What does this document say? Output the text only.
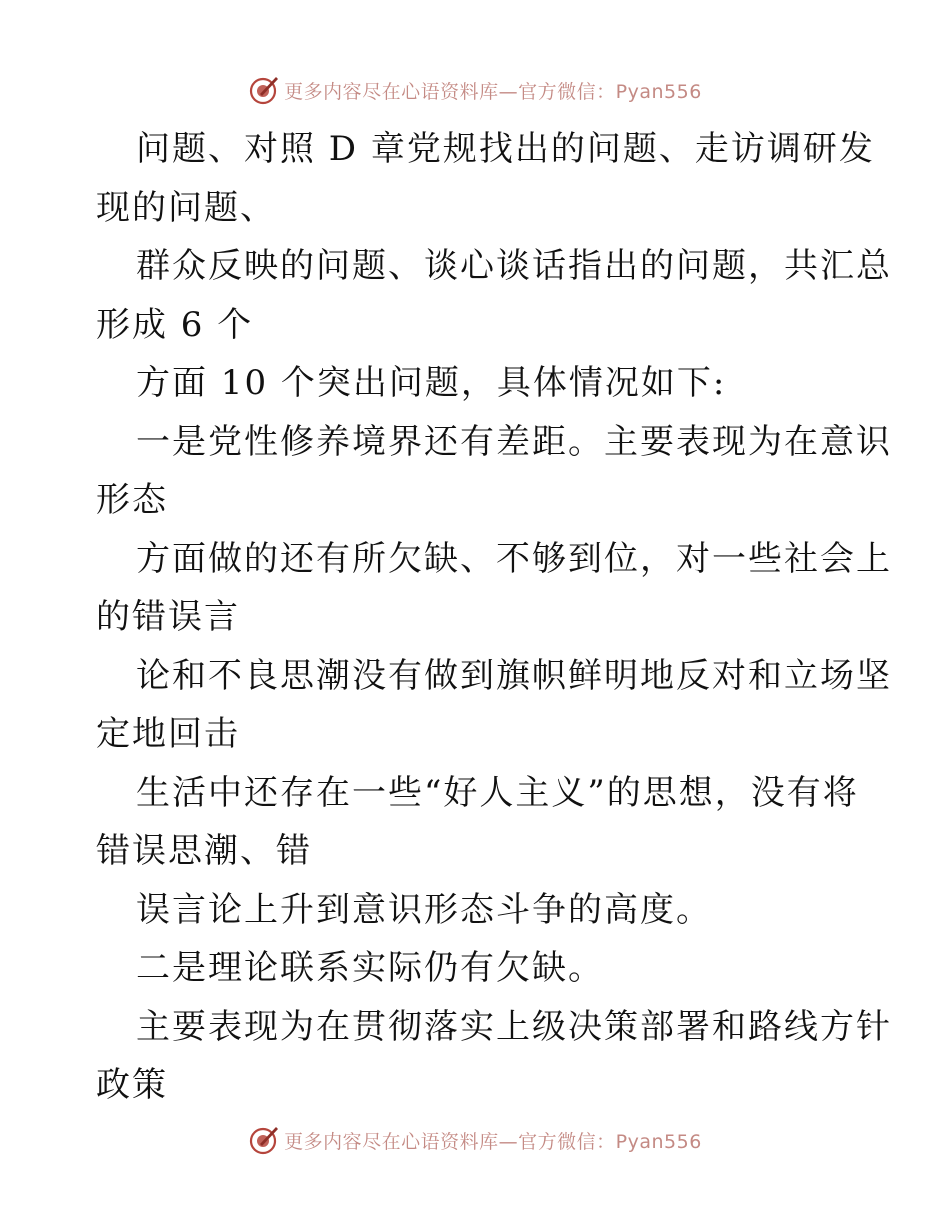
更多内容尽在心语资料库—官方微信：Pyan556
问题、对照 D 章党规找出的问题、走访调研发
现的问题、
群众反映的问题、谈心谈话指出的问题，共汇总
形成 6 个
方面 10 个突出问题，具体情况如下:
一是党性修养境界还有差距。主要表现为在意识
形态
方面做的还有所欠缺、不够到位，对一些社会上
的错误言
论和不良思潮没有做到旗帜鲜明地反对和立场坚
定地回击
生活中还存在一些“好人主义”的思想，没有将
错误思潮、错
误言论上升到意识形态斗争的高度。
二是理论联系实际仍有欠缺。
主要表现为在贯彻落实上级决策部署和路线方针
政策
更多内容尽在心语资料库—官方微信：Pyan556
